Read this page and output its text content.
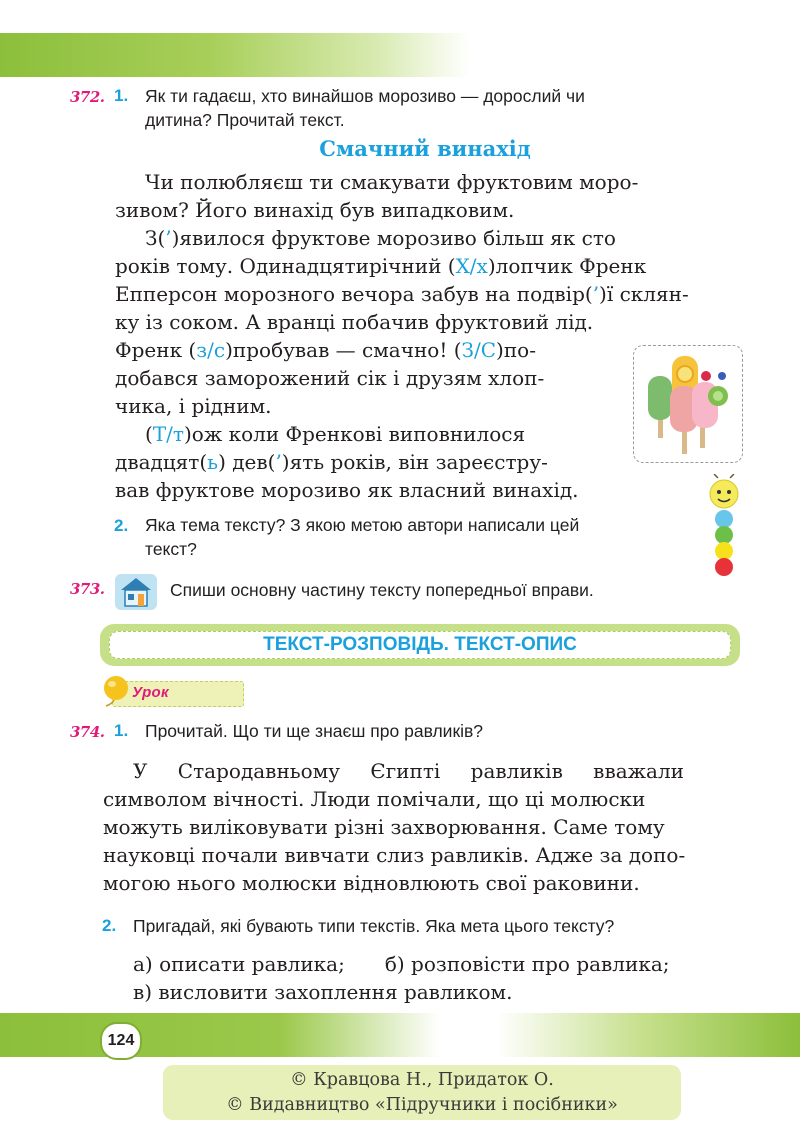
372. 1. Як ти гадаєш, хто винайшов морозиво — дорослий чи
дитина? Прочитай текст.
Смачний винахід
Чи полюбляєш ти смакувати фруктовим моро-
зивом? Його винахід був випадковим.
З(’)явилося фруктове морозиво більш як сто
років тому. Одинадцятирічний (Х/х)лопчик Френк
Епперсон морозного вечора забув на подвір(’)ї склян-
ку із соком. А вранці побачив фруктовий лід.
Френк (з/с)пробував — смачно! (З/С)по-
добався заморожений сік і друзям хлоп-
чика, і рідним.
(Т/т)ож коли Френкові виповнилося
двадцят(ь) дев(’)ять років, він зареєстру-
вав фруктове морозиво як власний винахід.
2. Яка тема тексту? З якою метою автори написали цей
текст?
373.	Спиши основну частину тексту попередньої вправи.
ТЕКСТ-РОЗПОВІДЬ. ТЕКСТ-ОПИС
Урок
374. 1. Прочитай. Що ти ще знаєш про равликів?
У Стародавньому Єгипті равликів вважали
символом вічності. Люди помічали, що ці молюски
можуть виліковувати різні захворювання. Саме тому
науковці почали вивчати слиз равликів. Адже за допо-
могою нього молюски відновлюють свої раковини.
2. Пригадай, які бувають типи текстів. Яка мета цього тексту?
а) описати равлика; б) розповісти про равлика;
в) висловити захоплення равликом.
124
© Кравцова Н., Придаток О.
© Видавництво «Підручники і посібники»
